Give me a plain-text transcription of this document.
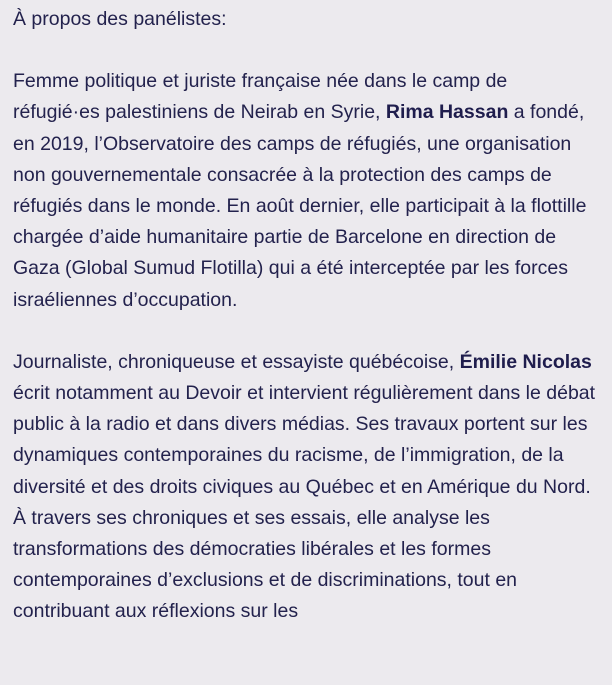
À propos des panélistes:

Femme politique et juriste française née dans le camp de réfugié·es palestiniens de Neirab en Syrie, Rima Hassan a fondé, en 2019, l’Observatoire des camps de réfugiés, une organisation non gouvernementale consacrée à la protection des camps de réfugiés dans le monde. En août dernier, elle participait à la flottille chargée d’aide humanitaire partie de Barcelone en direction de Gaza (Global Sumud Flotilla) qui a été interceptée par les forces israéliennes d’occupation.

Journaliste, chroniqueuse et essayiste québécoise, Émilie Nicolas écrit notamment au Devoir et intervient régulièrement dans le débat public à la radio et dans divers médias. Ses travaux portent sur les dynamiques contemporaines du racisme, de l’immigration, de la diversité et des droits civiques au Québec et en Amérique du Nord. À travers ses chroniques et ses essais, elle analyse les transformations des démocraties libérales et les formes contemporaines d’exclusions et de discriminations, tout en contribuant aux réflexions sur les
